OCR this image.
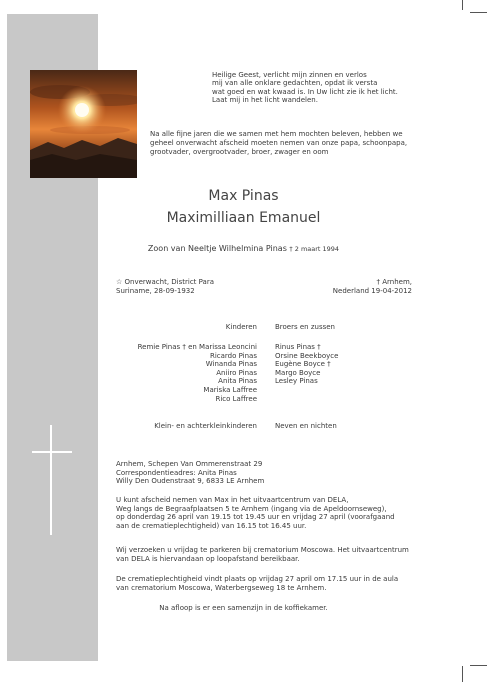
Heilige Geest, verlicht mijn zinnen en verlos
mij van alle onklare gedachten, opdat ik versta
wat goed en wat kwaad is. In Uw licht zie ik het licht.
Laat mij in het licht wandelen.
Na alle fijne jaren die we samen met hem mochten beleven, hebben we
geheel onverwacht afscheid moeten nemen van onze papa, schoonpapa,
grootvader, overgrootvader, broer, zwager en oom
Max Pinas
Maximilliaan Emanuel
Zoon van Neeltje Wilhelmina Pinas † 2 maart 1994
☆ Onverwacht, District Para
Suriname, 28-09-1932
† Arnhem,
Nederland 19-04-2012
Kinderen	Broers en zussen
Remie Pinas † en Marissa Leoncini
Ricardo Pinas
Winanda Pinas
Aniiro Pinas
Anita Pinas
Mariska Laffree
Rico Laffree
Rinus Pinas †
Orsine Beekboyce
Eugène Boyce †
Margo Boyce
Lesley Pinas
Klein- en achterkleinkinderen	Neven en nichten
Arnhem, Schepen Van Ommerenstraat 29
Correspondentieadres: Anita Pinas
Willy Den Oudenstraat 9, 6833 LE Arnhem
U kunt afscheid nemen van Max in het uitvaartcentrum van DELA,
Weg langs de Begraafplaatsen 5 te Arnhem (ingang via de Apeldoornseweg),
op donderdag 26 april van 19.15 tot 19.45 uur en vrijdag 27 april (voorafgaand
aan de crematieplechtigheid) van 16.15 tot 16.45 uur.
Wij verzoeken u vrijdag te parkeren bij crematorium Moscowa. Het uitvaartcentrum
van DELA is hiervandaan op loopafstand bereikbaar.
De crematieplechtigheid vindt plaats op vrijdag 27 april om 17.15 uur in de aula
van crematorium Moscowa, Waterbergseweg 18 te Arnhem.
Na afloop is er een samenzijn in de koffiekamer.
